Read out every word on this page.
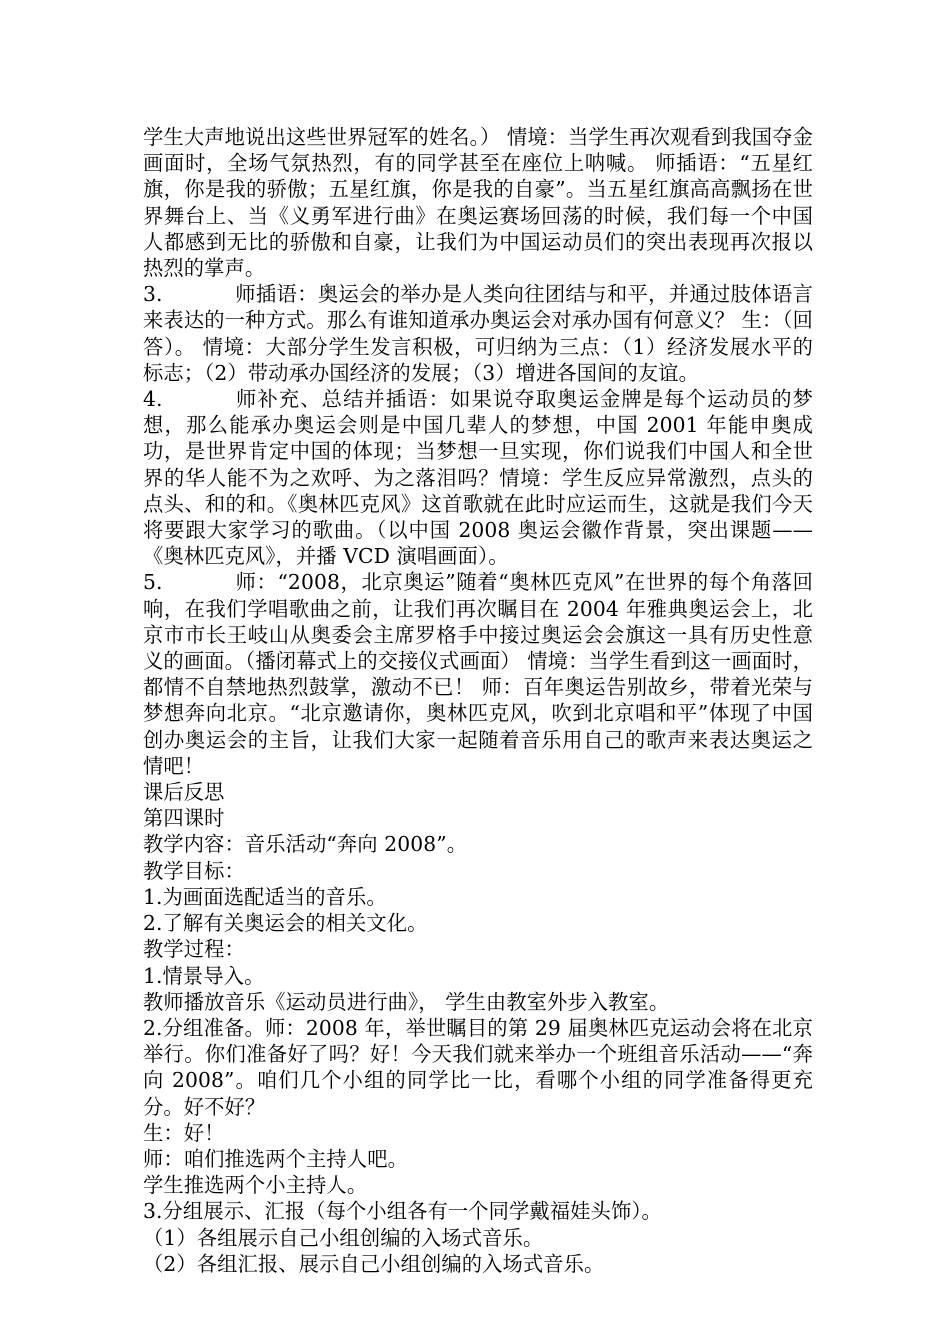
学生大声地说出这些世界冠军的姓名。） 情境：当学生再次观看到我国夺金画面时，全场气氛热烈，有的同学甚至在座位上呐喊。 师插语：“五星红旗，你是我的骄傲；五星红旗，你是我的自豪”。当五星红旗高高飘扬在世界舞台上、当《义勇军进行曲》在奥运赛场回荡的时候，我们每一个中国人都感到无比的骄傲和自豪，让我们为中国运动员们的突出表现再次报以热烈的掌声。

3.	师插语：奥运会的举办是人类向往团结与和平，并通过肢体语言来表达的一种方式。那么有谁知道承办奥运会对承办国有何意义？ 生：（回答）。 情境：大部分学生发言积极，可归纳为三点：（1）经济发展水平的标志；（2）带动承办国经济的发展；（3）增进各国间的友谊。

4.	师补充、总结并插语：如果说夺取奥运金牌是每个运动员的梦想，那么能承办奥运会则是中国几辈人的梦想，中国 2001 年能申奥成功，是世界肯定中国的体现；当梦想一旦实现，你们说我们中国人和全世界的华人能不为之欢呼、为之落泪吗？情境：学生反应异常激烈，点头的点头、和的和。《奥林匹克风》这首歌就在此时应运而生，这就是我们今天将要跟大家学习的歌曲。（以中国 2008 奥运会徽作背景，突出课题——《奥林匹克风》，并播 VCD 演唱画面）。

5.	师：“2008，北京奥运”随着“奥林匹克风”在世界的每个角落回响，在我们学唱歌曲之前，让我们再次瞩目在 2004 年雅典奥运会上，北京市市长王岐山从奥委会主席罗格手中接过奥运会会旗这一具有历史性意义的画面。（播闭幕式上的交接仪式画面） 情境：当学生看到这一画面时，都情不自禁地热烈鼓掌，激动不已！ 师：百年奥运告别故乡，带着光荣与梦想奔向北京。“北京邀请你，奥林匹克风，吹到北京唱和平”体现了中国创办奥运会的主旨，让我们大家一起随着音乐用自己的歌声来表达奥运之情吧！

课后反思

第四课时

教学内容：音乐活动“奔向 2008”。

教学目标：

1.为画面选配适当的音乐。

2.了解有关奥运会的相关文化。

教学过程：

1.情景导入。

教师播放音乐《运动员进行曲》， 学生由教室外步入教室。

2.分组准备。师：2008 年，举世瞩目的第 29 届奥林匹克运动会将在北京举行。你们准备好了吗？好！今天我们就来举办一个班组音乐活动——“奔向 2008”。咱们几个小组的同学比一比，看哪个小组的同学准备得更充分。好不好？

生：好！

师：咱们推选两个主持人吧。

学生推选两个小主持人。

3.分组展示、汇报（每个小组各有一个同学戴福娃头饰）。

（1）各组展示自己小组创编的入场式音乐。

（2）各组汇报、展示自己小组创编的入场式音乐。
